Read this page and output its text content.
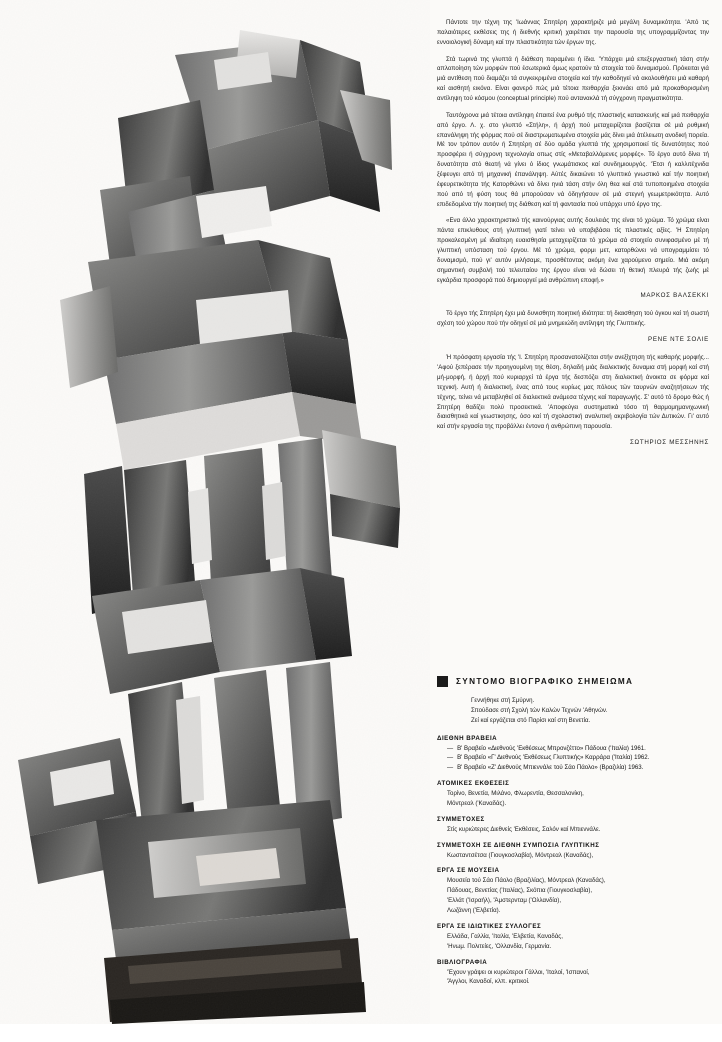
Πάντοτε την τέχνη της 'Ιωάννας Σπητέρη χαρακτήριζε μιά μεγάλη δυναμικότητα. 'Από τις παλαιότερες εκθέσεις της ή διεθνής κριτική χαιρέτισε την παρουσία της υπογραμμίζοντας την εννοιολογική δύναμη καί την πλαστικότητα τών έργων της.

Στά τωρινά της γλυπτά ή διάθεση παραμένει ή ίδια. 'Υπάρχει μιά επεξεργαστική τάση στήν απλοποίηση τών μορφών πού έσωτερικά όμως κρατούν τά στοιχεία τού δυναμισμού. Πρόκειται γιά μιά αντίθεση πού διαμάζει τά συγκεκριμένα στοιχεία καί τήν καθοδηγεί νά ακολουθήσει μιά καθαρή καί αισθητή εικόνα. Είναι φανερό πώς μιά τέτοια πειθαρχία ξεκινάει από μιά προκαθορισμένη αντίληψη τού κόσμου (conceptual principle) πού αντανακλά τή σύγχρονη πραγματικότητα.

Ταυτόχρονα μιά τέτοια αντίληψη έπαιτεί ένα ρυθμό τής πλαστικής κατασκευής καί μιά πειθαρχία από έργο. Λ. χ. στο γλυπτό «Στήλη», ή άρχή πού μεταχειρίζεται βασίζεται σέ μιά ρυθμική επανάληψη τής φόρμας πού σέ διαστρωματωμένα στοιχεία μάς δίνει μιά άτέλειωτη ανοδική πορεία. Μέ τον τρόπον αυτόν ή Σπητέρη σέ δύο ομάδα γλυπτά τής χρησιμοποιεί τίς δυνατότητες πού προσφέρει ή σύγχρονη τεχνολογία οπως στίς «Μεταβαλλόμενες μορφές». Τό έργο αυτό δίνει τή δυνατότητα στό θεατή νά γίνει ό ίδιος γνωμάτισκος καί συνδημιουργός. 'Έτσι ή καλλιτέχνιδα ξέφευγει από τή μηχανική έπανάληψη. Αύτές δικαιώνει τό γλυπτικό γνωστικό καί τήν ποιητική έφευρετικότητα τής Κατορθώνει νά δίνει ηνιά τάση στήν όλη θεα καί στά τυποποιημένα στοιχεία πού από τή φύση τους θά μπορούσαν νά όδηγήσουν σέ μιά στεγνή γεωμετρικότητα. Αυτό επιδεδομένα τήν ποιητική της διάθεση καί τή φαντασία πού υπάρχει υπό έργο της.

«Ενα άλλο χαρακτηριστικό τής καινούργιας αυτής δουλειάς της είναι τό χρώμα. Τό χρώμα είναι πάντα επικλυθους στή γλυπτική γιατί τείνει νά υποβιβάσει τίς πλαστικές αξίες. 'Η Σπητέρη προκαλεσμένη μέ ιδιαίτερη ευαισθησία μεταχειρίζεται τό χρώμα σά στοιχείο συνιφασμένο μέ τή γλυπτική υπόσταση τού έργου. Μέ τό χρώμα, φορμι μετ, κατορθώνει νά υπογραμμίσει τό δυναμισμό, πού γι' αυτόν μιλήσαμε, προσθέτοντας ακόμη ένα χαρούμενο σημείο. Μιά ακόμη σημαντική συμβολή τού τελευταίου της έργου είναι νά δώσει τή θετική πλευρά τής ζωής μέ εγκάρδια προσφορά πού δημιουργεί μιά ανθρώπινη εποφή.»

ΜΑΡΚΟΣ ΒΑΛΣΕΚΚΙ

Τό έργο τής Σπητέρη έχει μιά δυνισθητη ποιητική ιδιότητα: τή διαισθηση τού όγκου καί τή σωστή σχέση τού χώρου πού τήν οδηγεί σέ μιά μνημειώδη αντίληψη τής Γλυπτικής.

ΡΕΝΕ ΝΤΕ ΣΟΛΙΕ

Ή πρόσφατη εργασία τής 'Ι. Σπητέρη προσανατολίζεται στήν ανεξίχτηση τής καθαρής μορφής... 'Αφού ξεπέρασε τήν προηγουμένη της θέση, δηλαδή μιάς διαλεκτικής δυναμια στή μορφή καί στή μή-μορφή, ή άρχή πού κυριαρχεί τά έργα τής δεσπόζει στη διαλεκτική άνοικτα σε φόρμα καί τεχνική. Αυτή ή διαλεκτική, ένας από τους κυρίως μας πόλους τών ταυρνών αναζητήσεων τής τέχνης, τείνει νά μεταβληθεί σέ διαλεκτικά ανάμεσα τέχνης καί παραγωγής. Σ' αυτό τό δρομο θώς ή Σπητέρη θαδίζει πολύ προσεκτικά. 'Αποφεύγει συστηματικά τόσο τή θαρμομημανιχωνική διαισθητικά καί γεωστικησης, όσο καί τή σχολαστική αναλυτική ακριβολογία τών Δυτικών. Γι' αυτό καί στήν εργασία της προβάλλει έντονα ή ανθρώπινη παρουσία.

ΣΩΤΗΡΙΟΣ ΜΕΣΣΗΝΗΣ
ΣΥΝΤΟΜΟ ΒΙΟΓΡΑΦΙΚΟ ΣΗΜΕΙΩΜΑ
Γεννήθηκε στή Σμύρνη.
Σπούδασε στή Σχολή τών Καλών Τεχνών 'Αθηνών.
Ζεί καί εργάζεται στό Παρίσι καί στη Βενετία.
ΔΙΕΘΝΗ ΒΡΑΒΕΙΑ
— Β' Βραβείο «Διεθνούς 'Εκθέσεως Μπρονζέττο» Πάδουα ('Ιταλία) 1961.
— Β' Βραβείο «Γ' Διεθνούς 'Εκθέσεως Γλυπτικής» Καρράρα ('Ιταλία) 1962.
— Β' Βραβείο «Ζ' Διεθνούς Μπιεννάλε τού Σάο Πάολο» (Βραζιλία) 1963.
ΑΤΟΜΙΚΕΣ ΕΚΘΕΣΕΙΣ
Τορίνο, Βενετία, Μιλάνο, Φλωρεντία, Θεσσαλονίκη,
Μόντρεαλ ('Καναδάς).
ΣΥΜΜΕΤΟΧΕΣ
Στίς κυριώτερες Διεθνείς 'Εκθέσεις, Σαλόν καί Μπιεννάλε.
ΣΥΜΜΕΤΟΧΗ ΣΕ ΔΙΕΘΝΗ ΣΥΜΠΟΣΙΑ ΓΛΥΠΤΙΚΗΣ
Κωσταντσέτσα (Γιουγκοσλαβία), Μόντρεαλ (Καναδάς),
ΕΡΓΑ ΣΕ ΜΟΥΣΕΙΑ
Μουσεία τού Σάο Πάολο (Βραζιλίας), Μόντρεαλ (Καναδάς),
Πάδουας, Βενετίας ('Ιταλίας), Σκόπια (Γιουγκοσλαβία),
'Ελλάτ ('Ισραήλ), 'Άμστερνταμ ('Ολλανδία),
Λωζάννη ('Ελβετία).
ΕΡΓΑ ΣΕ ΙΔΙΩΤΙΚΕΣ ΣΥΛΛΟΓΕΣ
Ελλάδα, Γαλλία, 'Ιταλία, 'Ελβετία, Καναδάς,
'Ηνωμ. Πολιτείες, 'Ολλανδία, Γερμανία.
ΒΙΒΛΙΟΓΡΑΦΙΑ
'Έχουν γράψει οι κυριώτεροι Γάλλοι, 'Ιταλοί, 'Ισπανοί,
'Άγγλοι, Καναδοί, κλπ. κριτικοί.
